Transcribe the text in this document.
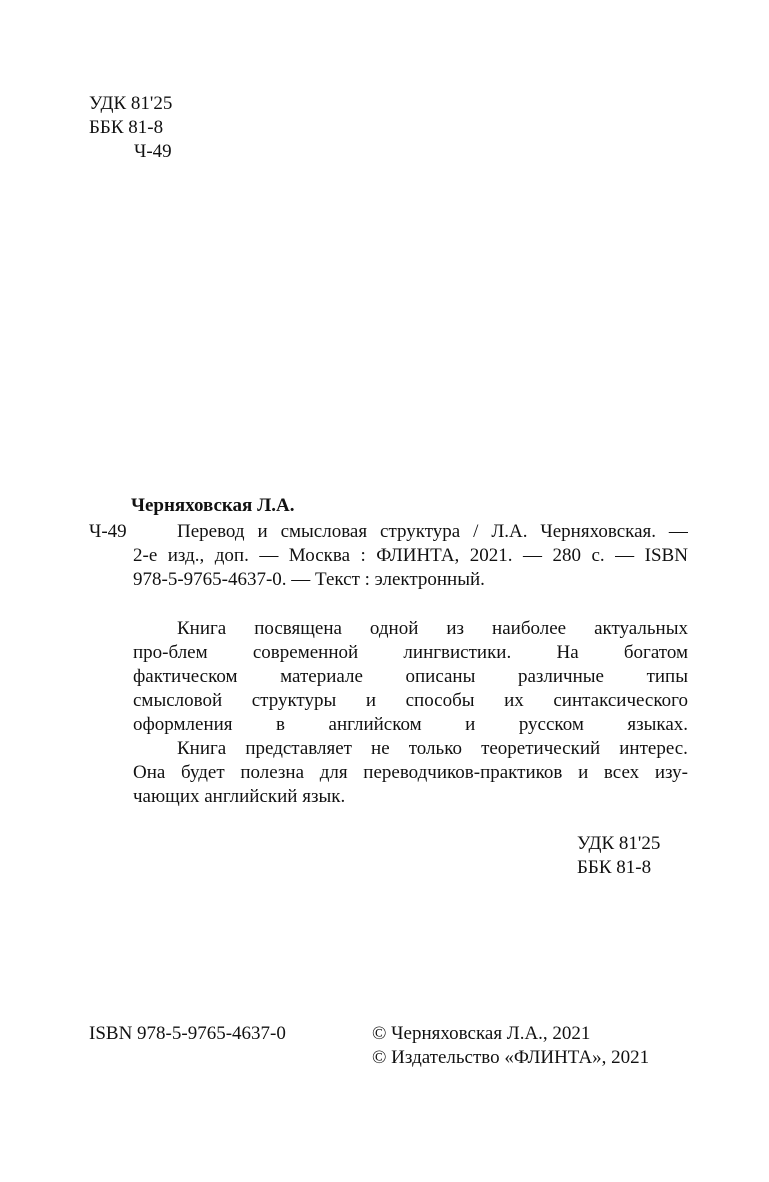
УДК 81'25
ББК 81-8
Ч-49
Черняховская Л.А.
Ч-49	Перевод и смысловая структура / Л.А. Черняховская. —
2-е изд., доп. — Москва : ФЛИНТА, 2021. — 280 с. — ISBN
978-5-9765-4637-0. — Текст : электронный.
Книга посвящена одной из наиболее актуальных
про-блем современной лингвистики. На богатом
фактическом материале описаны различные типы
смысловой структуры и способы их синтаксического
оформления в английском и русском языках.
Книга представляет не только теоретический интерес.
Она будет полезна для переводчиков-практиков и всех изу-
чающих английский язык.
УДК 81'25
ББК 81-8
ISBN 978-5-9765-4637-0	© Черняховская Л.А., 2021
© Издательство «ФЛИНТА», 2021
